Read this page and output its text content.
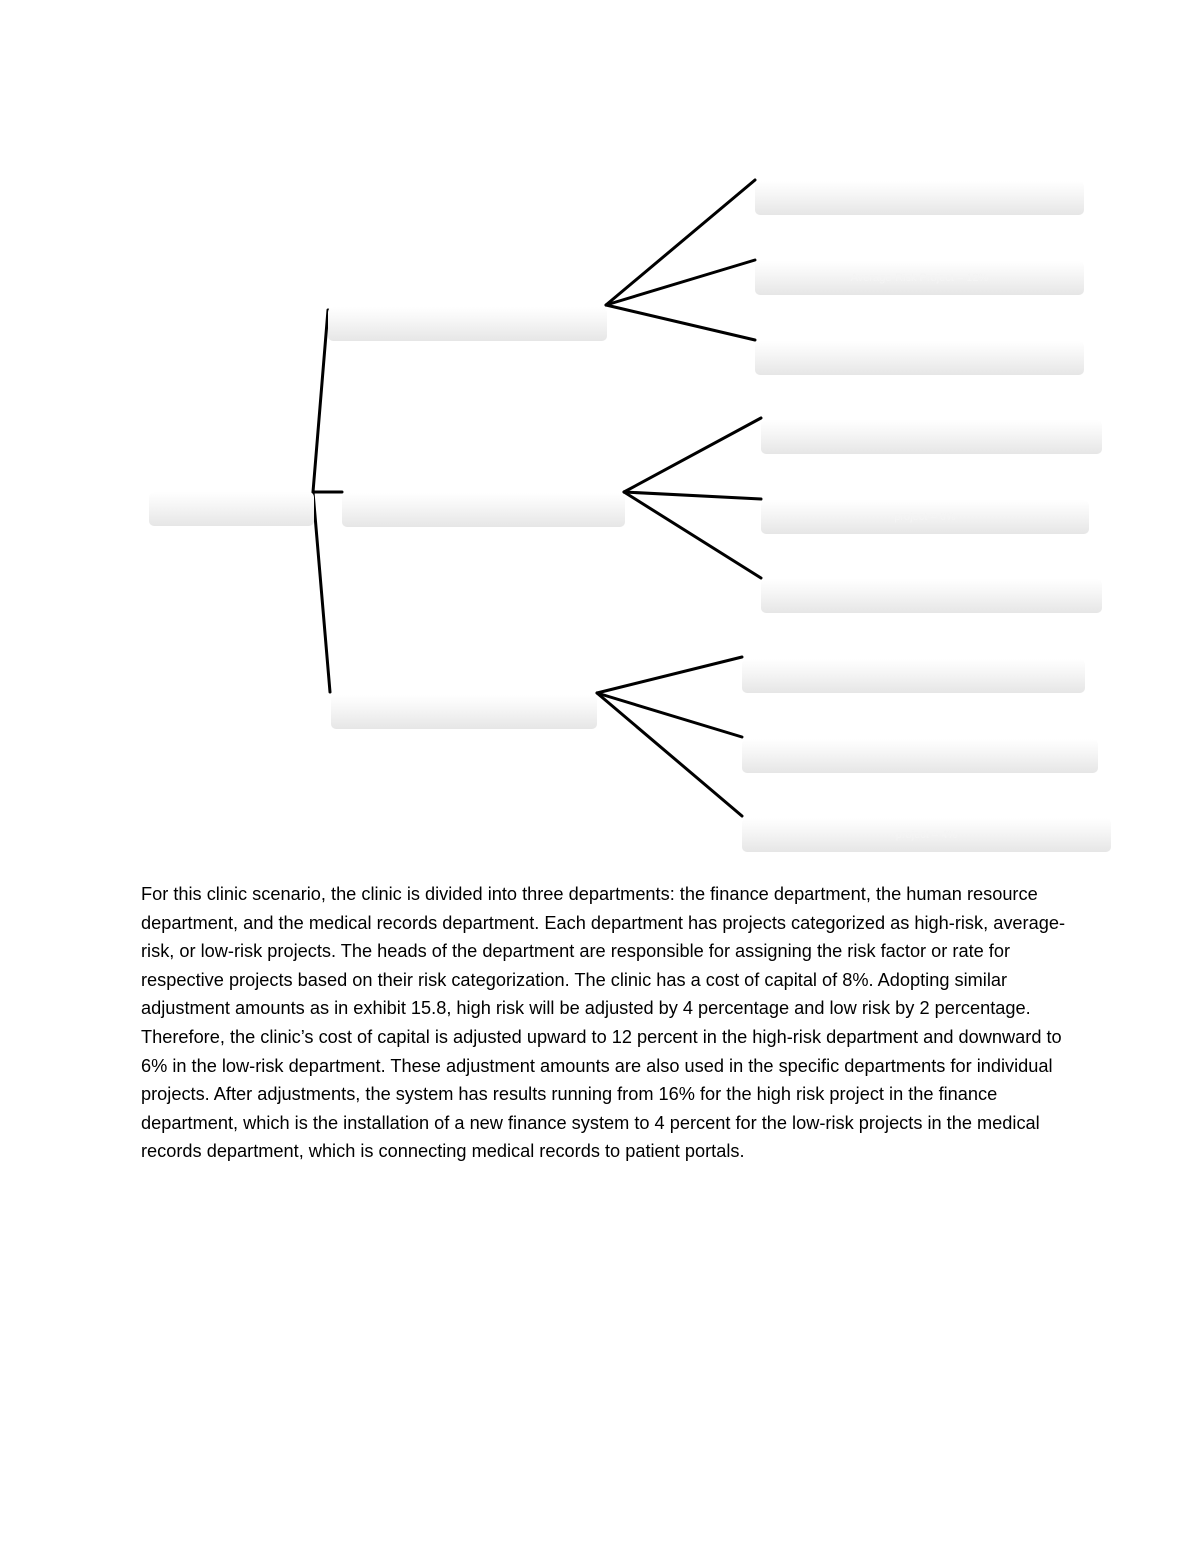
Average-Risk Project = 12%
project = 6%
project = 4%

For this clinic scenario, the clinic is divided into three departments: the finance department, the human resource department, and the medical records department. Each department has projects categorized as high-risk, average-risk, or low-risk projects. The heads of the department are responsible for assigning the risk factor or rate for respective projects based on their risk categorization. The clinic has a cost of capital of 8%. Adopting similar adjustment amounts as in exhibit 15.8, high risk will be adjusted by 4 percentage and low risk by 2 percentage. Therefore, the clinic’s cost of capital is adjusted upward to 12 percent in the high-risk department and downward to 6% in the low-risk department. These adjustment amounts are also used in the specific departments for individual projects. After adjustments, the system has results running from 16% for the high risk project in the finance department, which is the installation of a new finance system to 4 percent for the low-risk projects in the medical records department, which is connecting medical records to patient portals.
